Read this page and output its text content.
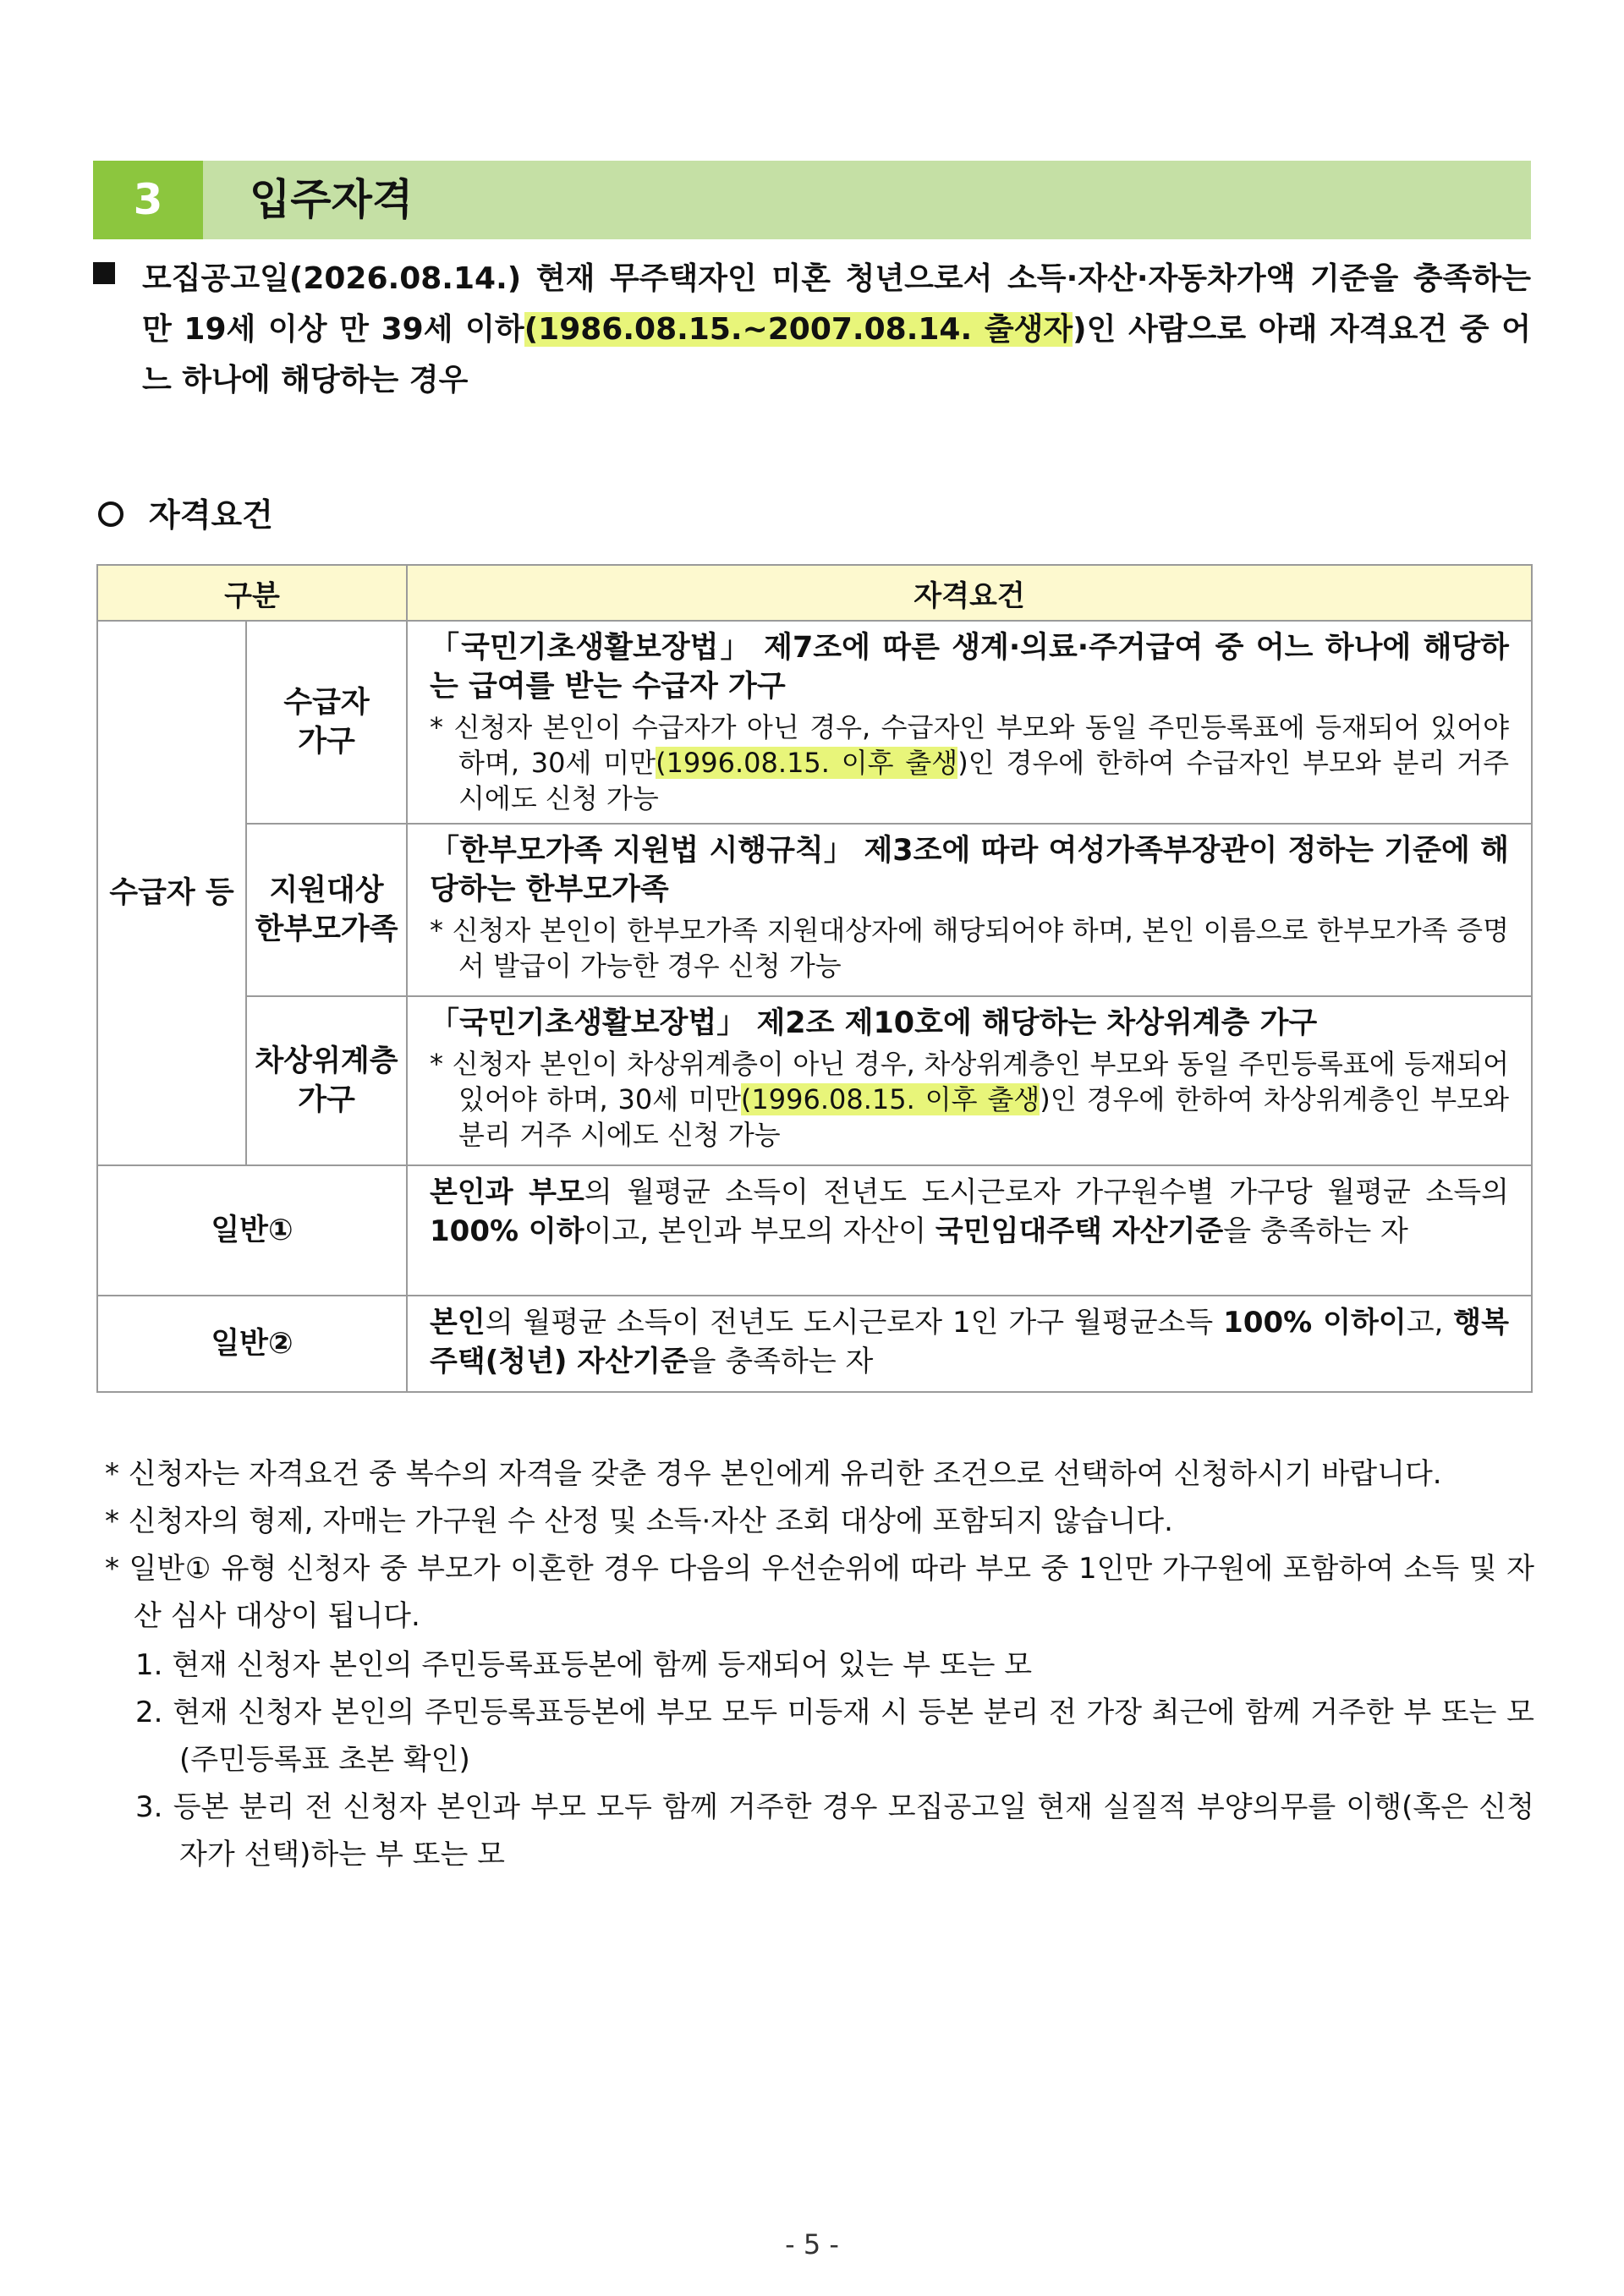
3	입주자격
모집공고일(2026.08.14.) 현재 무주택자인 미혼 청년으로서 소득·자산·자동차가액 기준을 충족하는 만 19세 이상 만 39세 이하(1986.08.15.~2007.08.14. 출생자)인 사람으로 아래 자격요건 중 어느 하나에 해당하는 경우
자격요건
구분		자격요건
수급자 등	수급자 가구	「국민기초생활보장법」 제7조에 따른 생계·의료·주거급여 중 어느 하나에 해당하는 급여를 받는 수급자 가구
* 신청자 본인이 수급자가 아닌 경우, 수급자인 부모와 동일 주민등록표에 등재되어 있어야 하며, 30세 미만(1996.08.15. 이후 출생)인 경우에 한하여 수급자인 부모와 분리 거주 시에도 신청 가능

	지원대상 한부모가족	「한부모가족 지원법 시행규칙」 제3조에 따라 여성가족부장관이 정하는 기준에 해당하는 한부모가족
* 신청자 본인이 한부모가족 지원대상자에 해당되어야 하며, 본인 이름으로 한부모가족 증명서 발급이 가능한 경우 신청 가능

	차상위계층 가구	「국민기초생활보장법」 제2조 제10호에 해당하는 차상위계층 가구
* 신청자 본인이 차상위계층이 아닌 경우, 차상위계층인 부모와 동일 주민등록표에 등재되어 있어야 하며, 30세 미만(1996.08.15. 이후 출생)인 경우에 한하여 차상위계층인 부모와 분리 거주 시에도 신청 가능

일반①		본인과 부모의 월평균 소득이 전년도 도시근로자 가구원수별 가구당 월평균 소득의 100% 이하이고, 본인과 부모의 자산이 국민임대주택 자산기준을 충족하는 자

일반②		본인의 월평균 소득이 전년도 도시근로자 1인 가구 월평균소득 100% 이하이고, 행복주택(청년) 자산기준을 충족하는 자
* 신청자는 자격요건 중 복수의 자격을 갖춘 경우 본인에게 유리한 조건으로 선택하여 신청하시기 바랍니다.
* 신청자의 형제, 자매는 가구원 수 산정 및 소득·자산 조회 대상에 포함되지 않습니다.
* 일반① 유형 신청자 중 부모가 이혼한 경우 다음의 우선순위에 따라 부모 중 1인만 가구원에 포함하여 소득 및 자산 심사 대상이 됩니다.
1. 현재 신청자 본인의 주민등록표등본에 함께 등재되어 있는 부 또는 모
2. 현재 신청자 본인의 주민등록표등본에 부모 모두 미등재 시 등본 분리 전 가장 최근에 함께 거주한 부 또는 모(주민등록표 초본 확인)
3. 등본 분리 전 신청자 본인과 부모 모두 함께 거주한 경우 모집공고일 현재 실질적 부양의무를 이행(혹은 신청자가 선택)하는 부 또는 모
- 5 -
